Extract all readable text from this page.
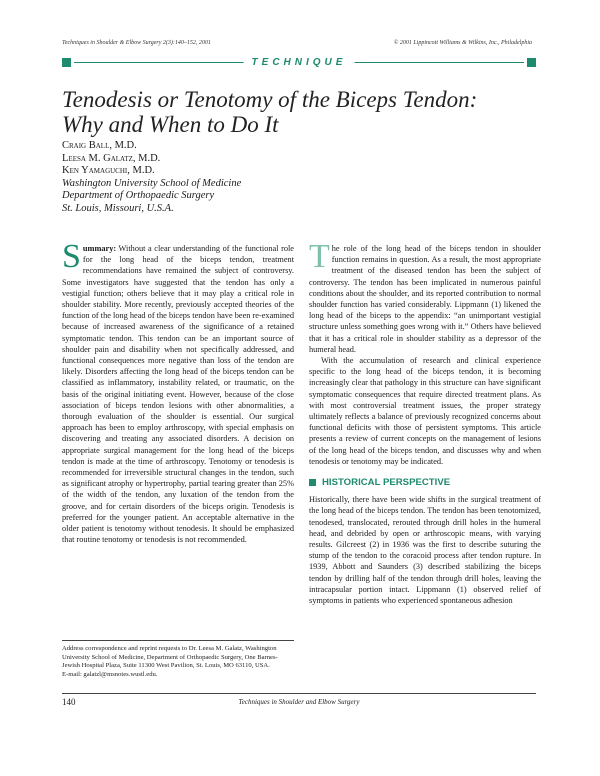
Techniques in Shoulder & Elbow Surgery 2(3):140–152, 2001	© 2001 Lippincott Williams & Wilkins, Inc., Philadelphia
TECHNIQUE
Tenodesis or Tenotomy of the Biceps Tendon:
Why and When to Do It
Craig Ball, M.D.
Leesa M. Galatz, M.D.
Ken Yamaguchi, M.D.
Washington University School of Medicine
Department of Orthopaedic Surgery
St. Louis, Missouri, U.S.A.

Summary: Without a clear understanding of the functional role for the long head of the biceps tendon, treatment recommendations have remained the subject of controversy. Some investigators have suggested that the tendon has only a vestigial function; others believe that it may play a critical role in shoulder stability. More recently, previously accepted theories of the function of the long head of the biceps tendon have been re-examined because of increased awareness of the significance of a retained symptomatic tendon. This tendon can be an important source of shoulder pain and disability when not specifically addressed, and functional consequences more negative than loss of the tendon are likely. Disorders affecting the long head of the biceps tendon can be classified as inflammatory, instability related, or traumatic, on the basis of the original initiating event. However, because of the close association of biceps tendon lesions with other abnormalities, a thorough evaluation of the shoulder is essential. Our surgical approach has been to employ arthroscopy, with special emphasis on discovering and treating any associated disorders. A decision on appropriate surgical management for the long head of the biceps tendon is made at the time of arthroscopy. Tenotomy or tenodesis is recommended for irreversible structural changes in the tendon, such as significant atrophy or hypertrophy, partial tearing greater than 25% of the width of the tendon, any luxation of the tendon from the groove, and for certain disorders of the biceps origin. Tenodesis is preferred for the younger patient. An acceptable alternative in the older patient is tenotomy without tenodesis. It should be emphasized that routine tenotomy or tenodesis is not recommended.

Address correspondence and reprint requests to Dr. Leesa M. Galatz, Washington University School of Medicine, Department of Orthopaedic Surgery, One Barnes-Jewish Hospital Plaza, Suite 11300 West Pavilion, St. Louis, MO 63110, USA.
E-mail: galatzl@msnotes.wustl.edu.

The role of the long head of the biceps tendon in shoulder function remains in question. As a result, the most appropriate treatment of the diseased tendon has been the subject of controversy. The tendon has been implicated in numerous painful conditions about the shoulder, and its reported contribution to normal shoulder function has varied considerably. Lippmann (1) likened the long head of the biceps to the appendix: “an unimportant vestigial structure unless something goes wrong with it.” Others have believed that it has a critical role in shoulder stability as a depressor of the humeral head.

With the accumulation of research and clinical experience specific to the long head of the biceps tendon, it is becoming increasingly clear that pathology in this structure can have significant symptomatic consequences that require directed treatment plans. As with most controversial treatment issues, the proper strategy ultimately reflects a balance of previously recognized concerns about functional deficits with those of persistent symptoms. This article presents a review of current concepts on the management of lesions of the long head of the biceps tendon, and discusses why and when tenodesis or tenotomy may be indicated.

HISTORICAL PERSPECTIVE

Historically, there have been wide shifts in the surgical treatment of the long head of the biceps tendon. The tendon has been tenotomized, tenodesed, translocated, rerouted through drill holes in the humeral head, and debrided by open or arthroscopic means, with varying results. Gilcreest (2) in 1936 was the first to describe suturing the stump of the tendon to the coracoid process after tendon rupture. In 1939, Abbott and Saunders (3) described stabilizing the biceps tendon by drilling half of the tendon through drill holes, leaving the intracapsular portion intact. Lippmann (1) observed relief of symptoms in patients who experienced spontaneous adhesion

140	Techniques in Shoulder and Elbow Surgery
